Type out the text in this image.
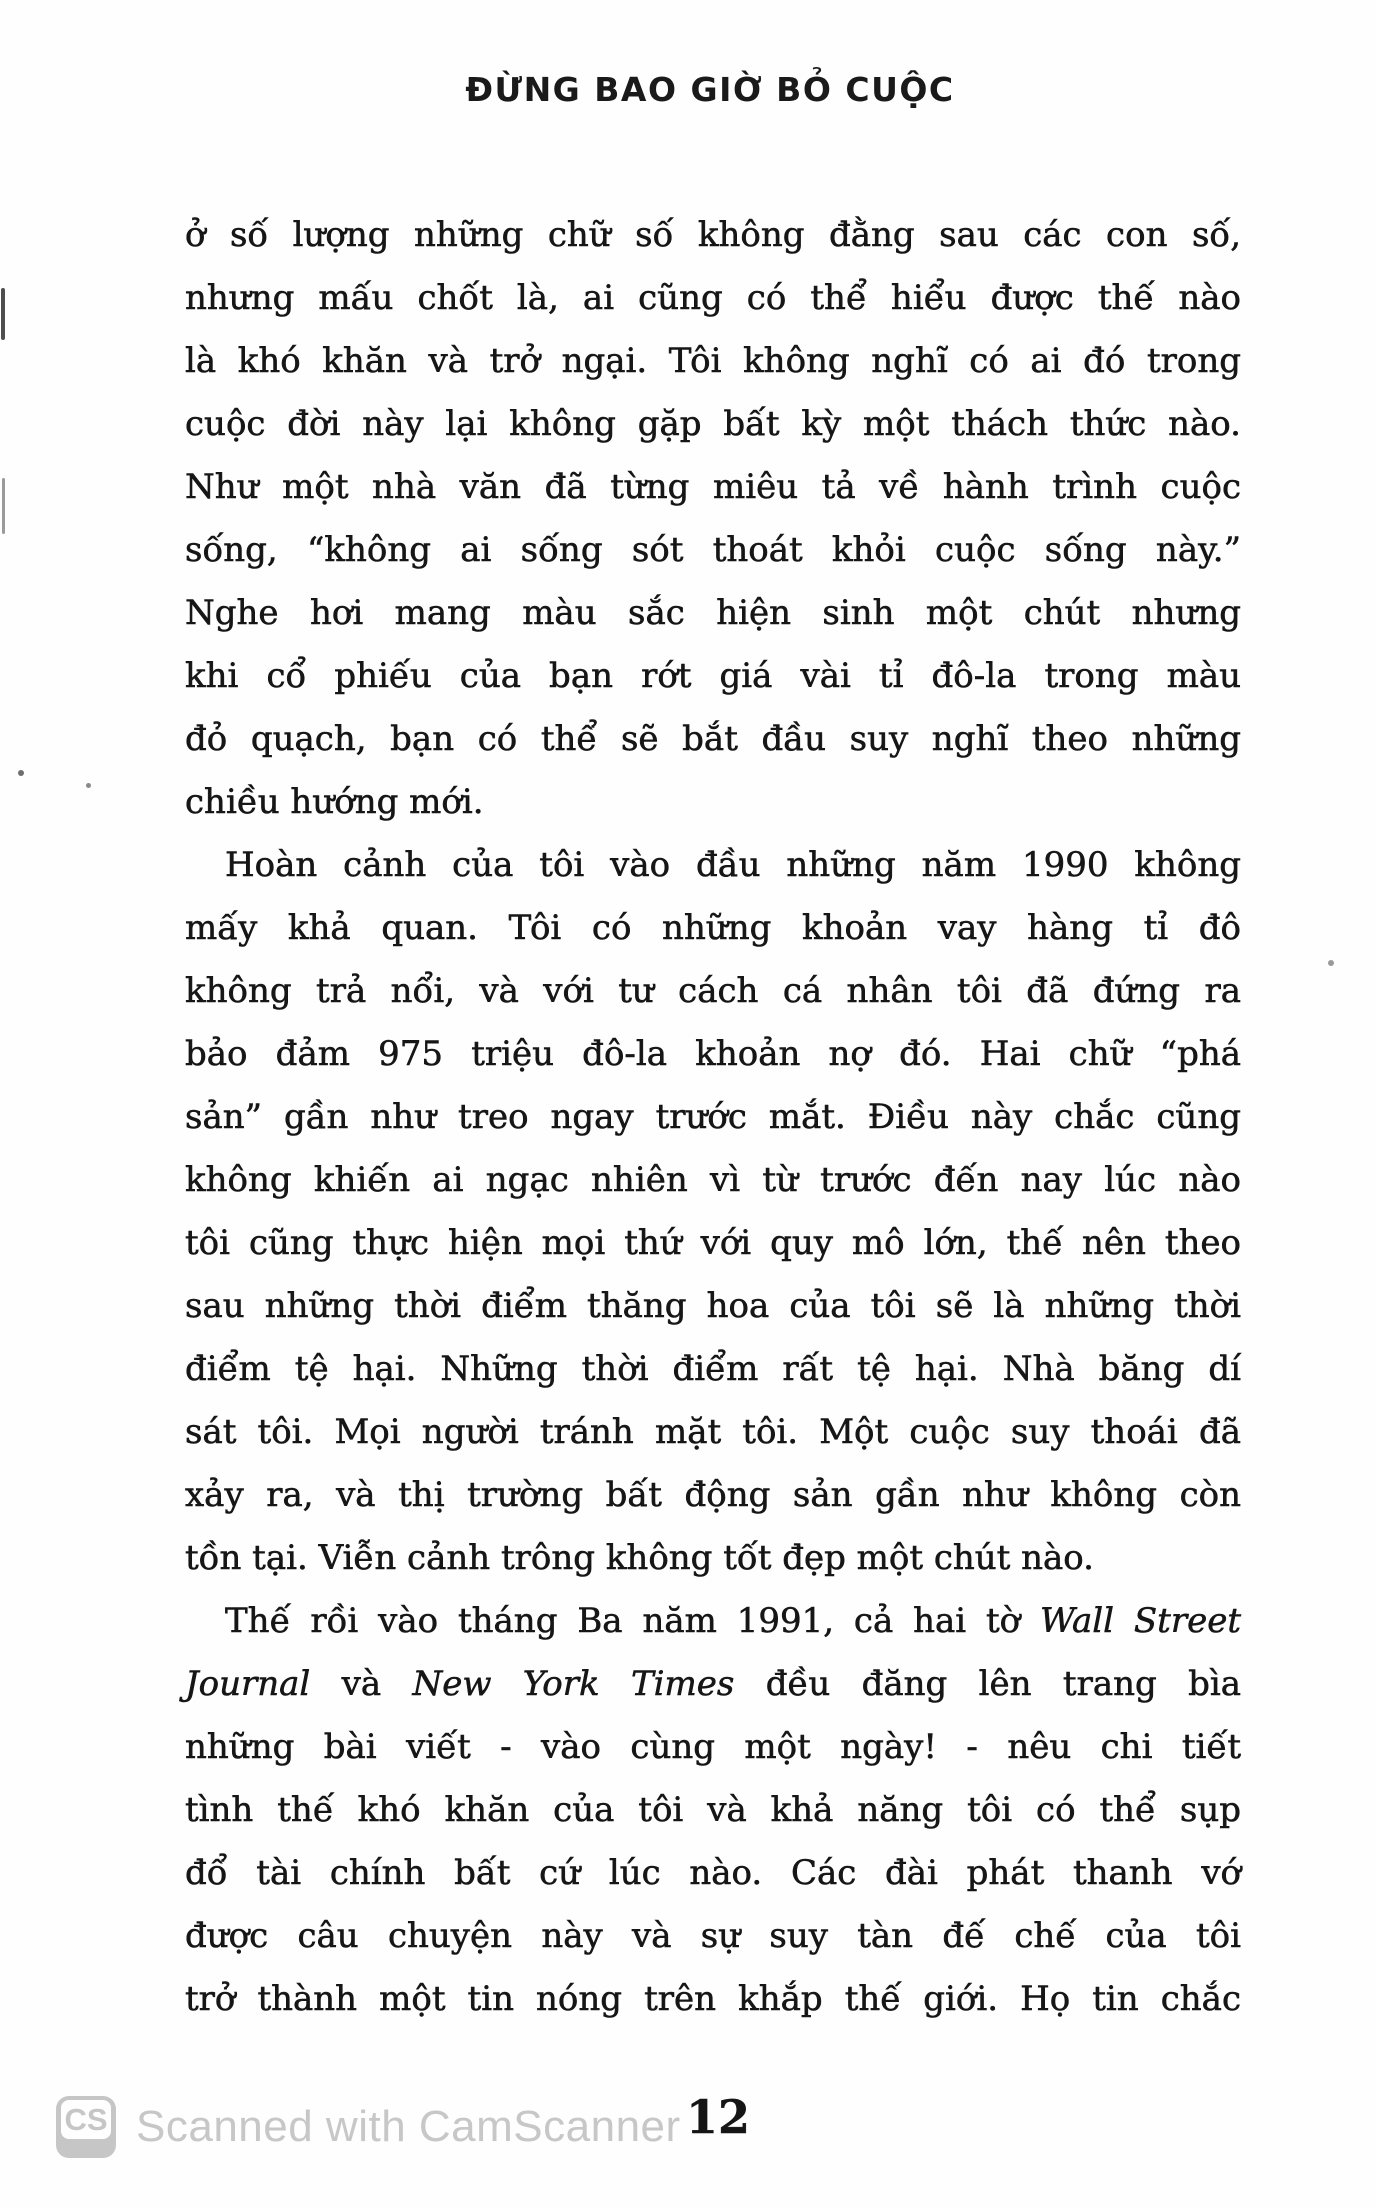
ĐỪNG BAO GIỜ BỎ CUỘC
ở số lượng những chữ số không đằng sau các con số,
nhưng mấu chốt là, ai cũng có thể hiểu được thế nào
là khó khăn và trở ngại. Tôi không nghĩ có ai đó trong
cuộc đời này lại không gặp bất kỳ một thách thức nào.
Như một nhà văn đã từng miêu tả về hành trình cuộc
sống, “không ai sống sót thoát khỏi cuộc sống này.”
Nghe hơi mang màu sắc hiện sinh một chút nhưng
khi cổ phiếu của bạn rớt giá vài tỉ đô-la trong màu
đỏ quạch, bạn có thể sẽ bắt đầu suy nghĩ theo những
chiều hướng mới.
Hoàn cảnh của tôi vào đầu những năm 1990 không
mấy khả quan. Tôi có những khoản vay hàng tỉ đô
không trả nổi, và với tư cách cá nhân tôi đã đứng ra
bảo đảm 975 triệu đô-la khoản nợ đó. Hai chữ “phá
sản” gần như treo ngay trước mắt. Điều này chắc cũng
không khiến ai ngạc nhiên vì từ trước đến nay lúc nào
tôi cũng thực hiện mọi thứ với quy mô lớn, thế nên theo
sau những thời điểm thăng hoa của tôi sẽ là những thời
điểm tệ hại. Những thời điểm rất tệ hại. Nhà băng dí
sát tôi. Mọi người tránh mặt tôi. Một cuộc suy thoái đã
xảy ra, và thị trường bất động sản gần như không còn
tồn tại. Viễn cảnh trông không tốt đẹp một chút nào.
Thế rồi vào tháng Ba năm 1991, cả hai tờ Wall Street
Journal và New York Times đều đăng lên trang bìa
những bài viết - vào cùng một ngày! - nêu chi tiết
tình thế khó khăn của tôi và khả năng tôi có thể sụp
đổ tài chính bất cứ lúc nào. Các đài phát thanh vớ
được câu chuyện này và sự suy tàn đế chế của tôi
trở thành một tin nóng trên khắp thế giới. Họ tin chắc
CS Scanned with CamScanner 12
